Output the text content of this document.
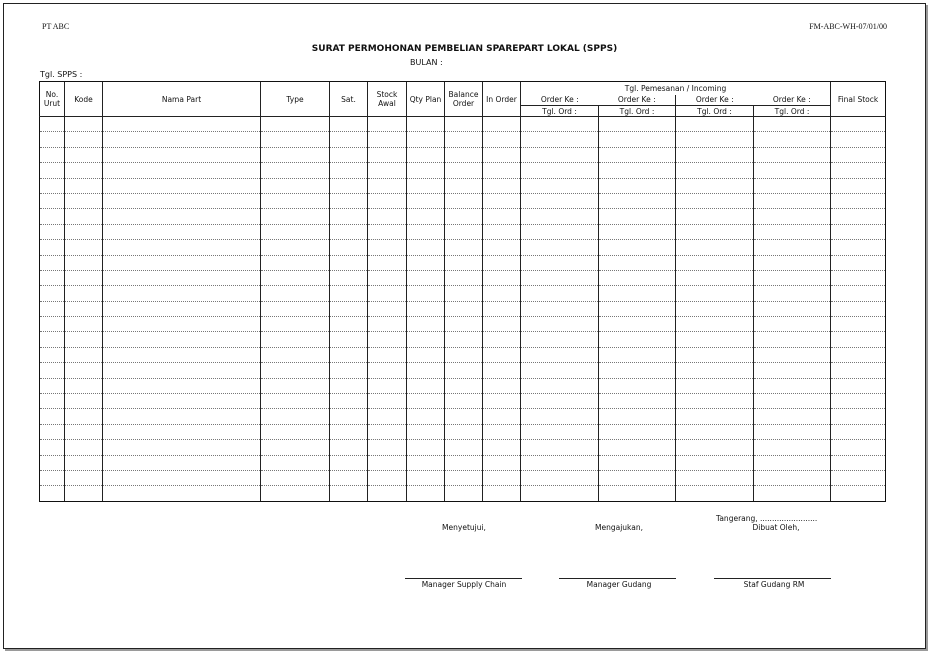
PT ABC	FM-ABC-WH-07/01/00
SURAT PERMOHONAN PEMBELIAN SPAREPART LOKAL (SPPS)
BULAN :
Tgl. SPPS :
No. Urut	Kode	Nama Part	Type	Sat.	Stock Awal	Qty Plan	Balance Order	In Order	Tgl. Pemesanan / Incoming				Final Stock
									Order Ke :	Order Ke :	Order Ke :	Order Ke :	
									Tgl. Ord :	Tgl. Ord :	Tgl. Ord :	Tgl. Ord :	

Tangerang, ........................
Menyetujui,	Mengajukan,	Dibuat Oleh,
Manager Supply Chain	Manager Gudang	Staf Gudang RM
